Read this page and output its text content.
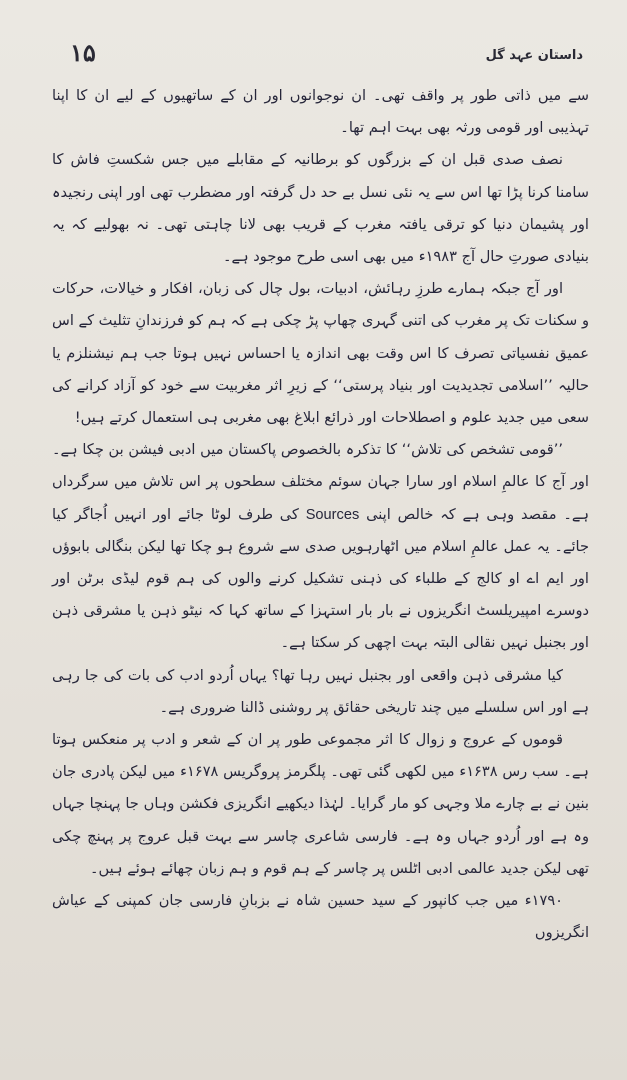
۱۵	داستان عہد گل

سے میں ذاتی طور پر واقف تھی۔ ان نوجوانوں اور ان کے ساتھیوں کے لیے ان کا اپنا تہذیبی اور قومی ورثہ بھی بہت اہم تھا۔

نصف صدی قبل ان کے بزرگوں کو برطانیہ کے مقابلے میں جس شکستِ فاش کا سامنا کرنا پڑا تھا اس سے یہ نئی نسل بے حد دل گرفتہ اور مضطرب تھی اور اپنی رنجیدہ اور پشیمان دنیا کو ترقی یافتہ مغرب کے قریب بھی لانا چاہتی تھی۔ نہ بھولیے کہ یہ بنیادی صورتِ حال آج ۱۹۸۳ء میں بھی اسی طرح موجود ہے۔

اور آج جبکہ ہمارے طرزِ رہائش، ادبیات، بول چال کی زبان، افکار و خیالات، حرکات و سکنات تک پر مغرب کی اتنی گہری چھاپ پڑ چکی ہے کہ ہم کو فرزندانِ تثلیث کے اس عمیق نفسیاتی تصرف کا اس وقت بھی اندازہ یا احساس نہیں ہوتا جب ہم نیشنلزم یا حالیہ ’’اسلامی تجدیدیت اور بنیاد پرستی‘‘ کے زیرِ اثر مغربیت سے خود کو آزاد کرانے کی سعی میں جدید علوم و اصطلاحات اور ذرائع ابلاغ بھی مغربی ہی استعمال کرتے ہیں!

’’قومی تشخص کی تلاش‘‘ کا تذکرہ بالخصوص پاکستان میں ادبی فیشن بن چکا ہے۔ اور آج کا عالمِ اسلام اور سارا جہان سوئم مختلف سطحوں پر اس تلاش میں سرگرداں ہے۔ مقصد وہی ہے کہ خالص اپنی Sources کی طرف لوٹا جائے اور انہیں اُجاگر کیا جائے۔ یہ عمل عالمِ اسلام میں اٹھارہویں صدی سے شروع ہو چکا تھا لیکن بنگالی بابوؤں اور ایم اے او کالج کے طلباء کی ذہنی تشکیل کرنے والوں کی ہم قوم لیڈی برٹن اور دوسرے امپیریلسٹ انگریزوں نے بار بار استہزا کے ساتھ کہا کہ نیٹو ذہن یا مشرقی ذہن اور بجنبل نہیں نقالی البتہ بہت اچھی کر سکتا ہے۔

کیا مشرقی ذہن واقعی اور بجنبل نہیں رہا تھا؟ یہاں اُردو ادب کی بات کی جا رہی ہے اور اس سلسلے میں چند تاریخی حقائق پر روشنی ڈالنا ضروری ہے۔

قوموں کے عروج و زوال کا اثر مجموعی طور پر ان کے شعر و ادب پر منعکس ہوتا ہے۔ سب رس ۱۶۳۸ء میں لکھی گئی تھی۔ پلگرمز پروگریس ۱۶۷۸ء میں لیکن پادری جان بنین نے بے چارے ملا وجہی کو مار گرایا۔ لہٰذا دیکھیے انگریزی فکشن وہاں جا پہنچا جہاں وہ ہے اور اُردو جہاں وہ ہے۔ فارسی شاعری چاسر سے بہت قبل عروج پر پہنچ چکی تھی لیکن جدید عالمی ادبی اٹلس پر چاسر کے ہم قوم و ہم زبان چھائے ہوئے ہیں۔

۱۷۹۰ء میں جب کانپور کے سید حسین شاہ نے بزبانِ فارسی جان کمپنی کے عیاش انگریزوں
